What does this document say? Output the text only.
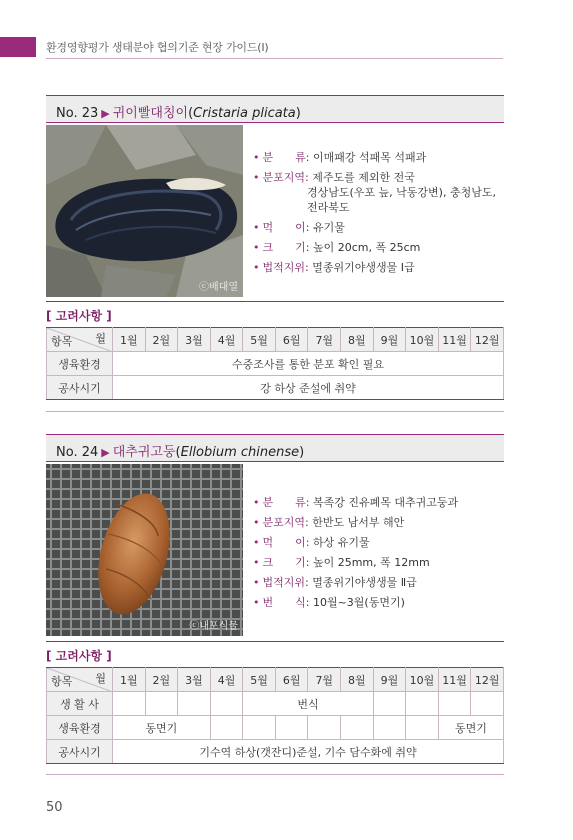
환경영향평가 생태분야 협의기준 현장 가이드(I)
No. 23 ▶ 귀이빨대칭이(Cristaria plicata)
ⓒ배대열
• 분　　류: 이매패강 석패목 석패과
• 분포지역: 제주도를 제외한 전국
경상남도(우포 늪, 낙동강변), 충청남도,
전라북도
• 먹　　이: 유기물
• 크　　기: 높이 20cm, 폭 25cm
• 법적지위: 멸종위기야생생물 Ⅰ급
[ 고려사항 ]
월
항목	1월	2월	3월	4월	5월	6월	7월	8월	9월	10월	11월	12월
생육환경	수중조사를 통한 분포 확인 필요											
공사시기	강 하상 준설에 취약											
No. 24 ▶ 대추귀고둥(Ellobium chinense)
ⓒ내포식물
• 분　　류: 복족강 진유폐목 대추귀고둥과
• 분포지역: 한반도 남서부 해안
• 먹　　이: 하상 유기물
• 크　　기: 높이 25mm, 폭 12mm
• 법적지위: 멸종위기야생생물 Ⅱ급
• 번　　식: 10월~3월(동면기)
[ 고려사항 ]
월
항목	1월	2월	3월	4월	5월	6월	7월	8월	9월	10월	11월	12월
생 활 사					번식							
생육환경	동면기										동면기	
공사시기	기수역 하상(갯잔디)준설, 기수 담수화에 취약											
50
